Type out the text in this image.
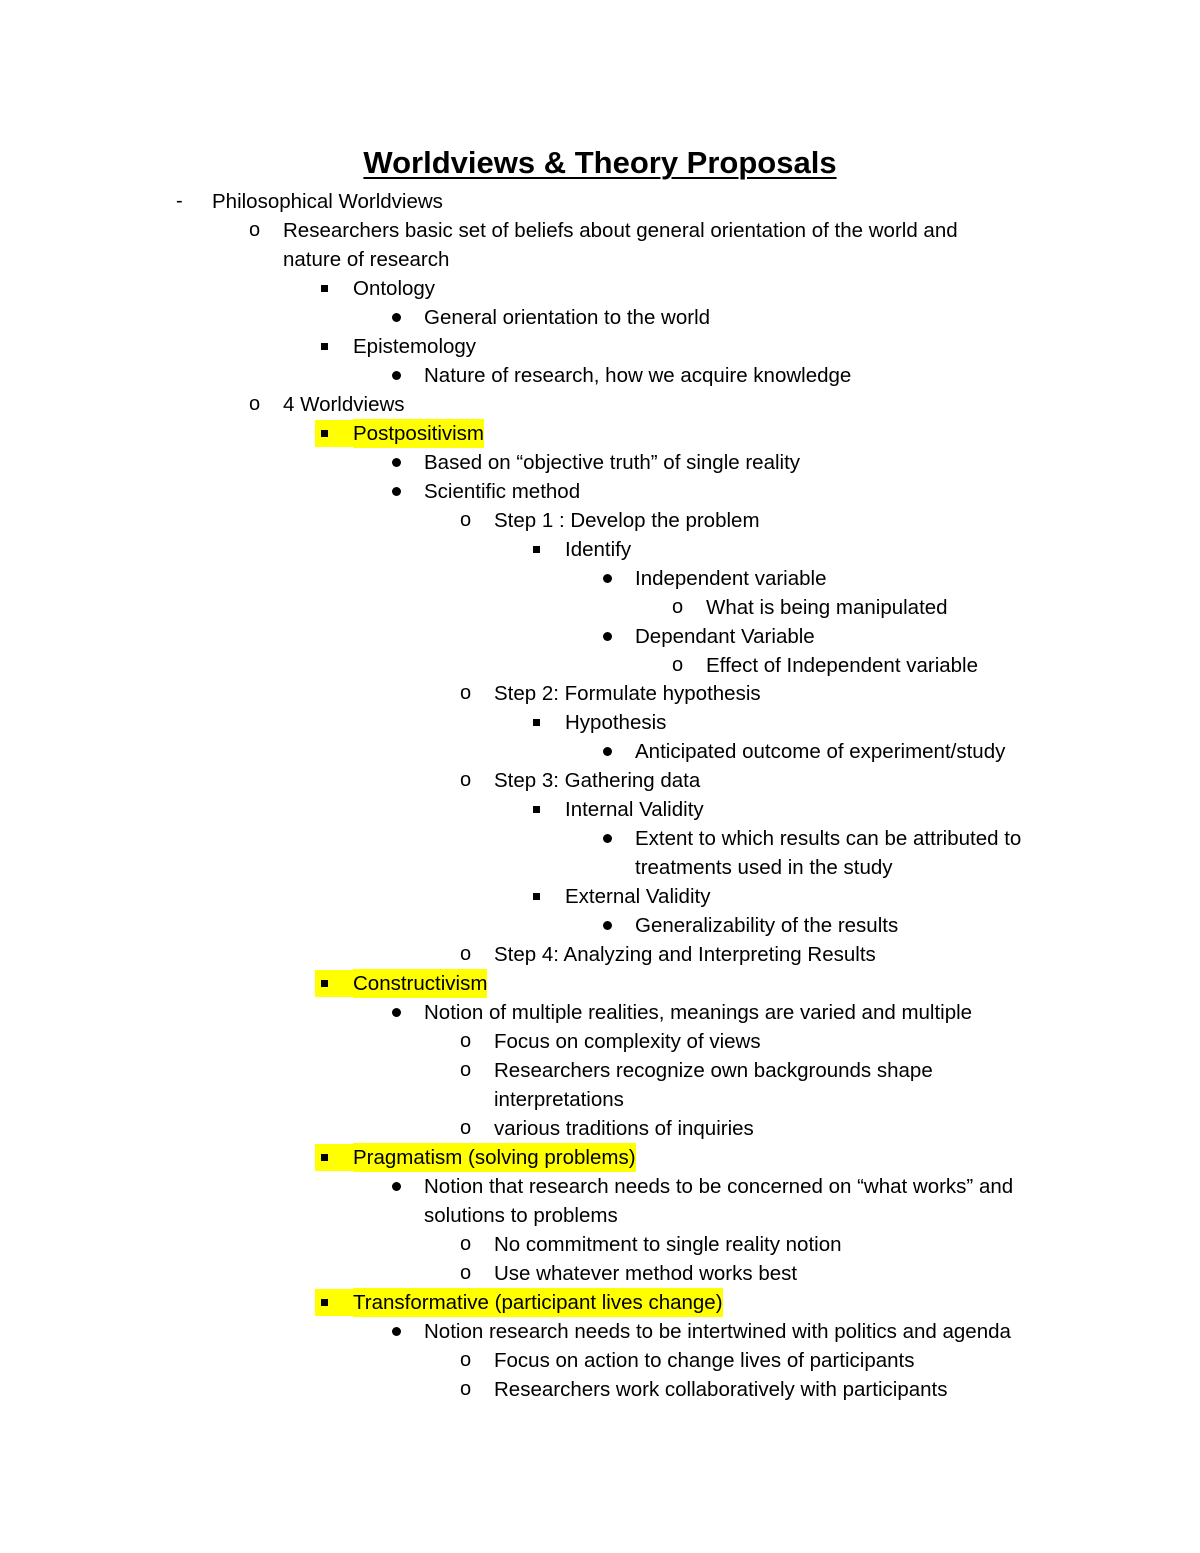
Worldviews & Theory Proposals
- Philosophical Worldviews
o Researchers basic set of beliefs about general orientation of the world and
nature of research
Ontology
General orientation to the world
Epistemology
Nature of research, how we acquire knowledge
o 4 Worldviews
Postpositivism
Based on “objective truth” of single reality
Scientific method
o Step 1 : Develop the problem
Identify
Independent variable
o What is being manipulated
Dependant Variable
o Effect of Independent variable
o Step 2: Formulate hypothesis
Hypothesis
Anticipated outcome of experiment/study
o Step 3: Gathering data
Internal Validity
Extent to which results can be attributed to
treatments used in the study
External Validity
Generalizability of the results
o Step 4: Analyzing and Interpreting Results
Constructivism
Notion of multiple realities, meanings are varied and multiple
o Focus on complexity of views
o Researchers recognize own backgrounds shape
interpretations
o various traditions of inquiries
Pragmatism (solving problems)
Notion that research needs to be concerned on “what works” and
solutions to problems
o No commitment to single reality notion
o Use whatever method works best
Transformative (participant lives change)
Notion research needs to be intertwined with politics and agenda
o Focus on action to change lives of participants
o Researchers work collaboratively with participants
